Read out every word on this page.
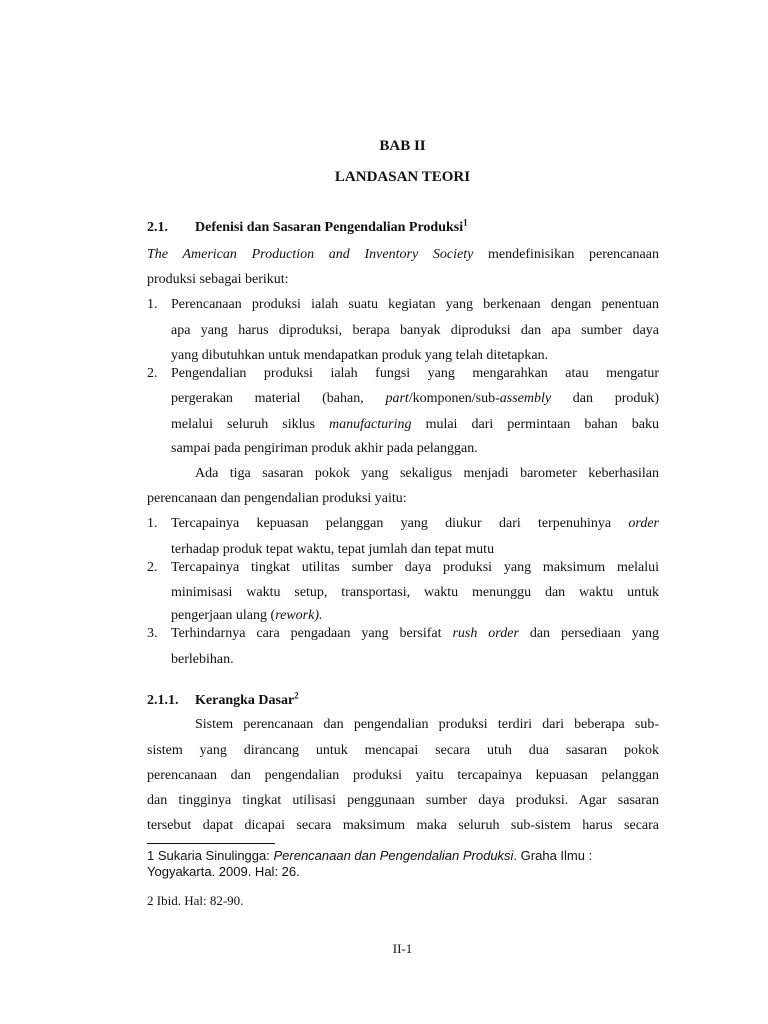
BAB II

LANDASAN TEORI

2.1. Defenisi dan Sasaran Pengendalian Produksi$^1$

The American Production and Inventory Society mendefinisikan perencanaan

produksi sebagai berikut:

1. Perencanaan produksi ialah suatu kegiatan yang berkenaan dengan penentuan

apa yang harus diproduksi, berapa banyak diproduksi dan apa sumber daya

yang dibutuhkan untuk mendapatkan produk yang telah ditetapkan.

2. Pengendalian produksi ialah fungsi yang mengarahkan atau mengatur

pergerakan material (bahan, part/komponen/sub-assembly dan produk)

melalui seluruh siklus manufacturing mulai dari permintaan bahan baku

sampai pada pengiriman produk akhir pada pelanggan.

Ada tiga sasaran pokok yang sekaligus menjadi barometer keberhasilan

perencanaan dan pengendalian produksi yaitu:

1. Tercapainya kepuasan pelanggan yang diukur dari terpenuhinya order

terhadap produk tepat waktu, tepat jumlah dan tepat mutu

2. Tercapainya tingkat utilitas sumber daya produksi yang maksimum melalui

minimisasi waktu setup, transportasi, waktu menunggu dan waktu untuk

pengerjaan ulang (rework).

3. Terhindarnya cara pengadaan yang bersifat rush order dan persediaan yang

berlebihan.

2.1.1. Kerangka Dasar$^2$

Sistem perencanaan dan pengendalian produksi terdiri dari beberapa sub-

sistem yang dirancang untuk mencapai secara utuh dua sasaran pokok

perencanaan dan pengendalian produksi yaitu tercapainya kepuasan pelanggan

dan tingginya tingkat utilisasi penggunaan sumber daya produksi. Agar sasaran

tersebut dapat dicapai secara maksimum maka seluruh sub-sistem harus secara

1 Sukaria Sinulingga: Perencanaan dan Pengendalian Produksi. Graha Ilmu :

Yogyakarta. 2009. Hal: 26.

2 Ibid. Hal: 82-90.

II-1
